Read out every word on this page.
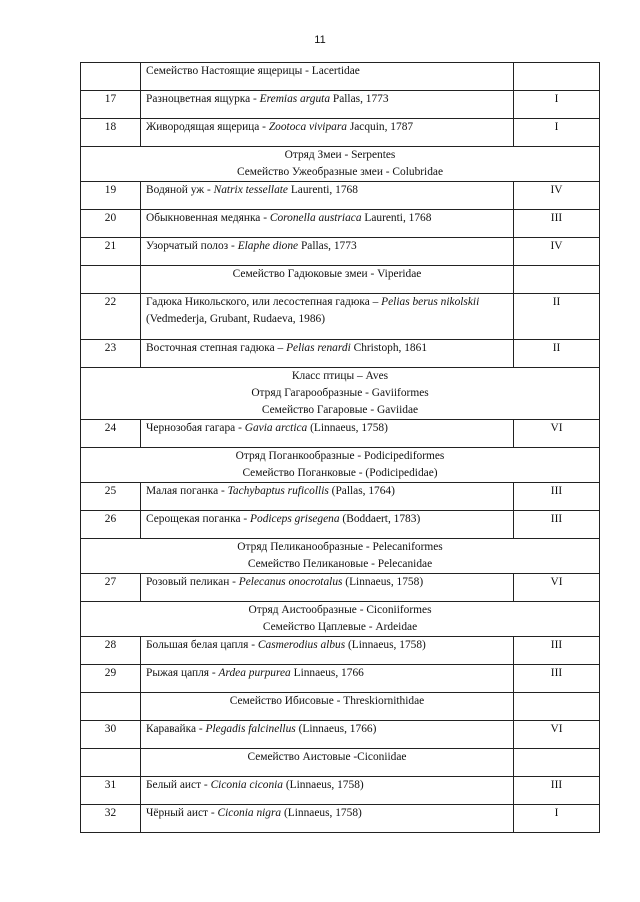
11
	Семейство Настоящие ящерицы - Lacertidae	
17	Разноцветная ящурка - Eremias arguta Pallas, 1773	I
18	Живородящая ящерица - Zootoca vivipara Jacquin, 1787	I

Отряд Змеи - Serpentes
Семейство Ужеобразные змеи - Colubridae		

19	Водяной уж - Natrix tessellate Laurenti, 1768	IV
20	Обыкновенная медянка - Coronella austriaca Laurenti, 1768	III
21	Узорчатый полоз - Elaphe dione Pallas, 1773	IV
	Семейство Гадюковые змеи - Viperidae	
22	Гадюка Никольского, или лесостепная гадюка – Pelias berus nikolskii (Vedmederja, Grubant, Rudaeva, 1986)	II
23	Восточная степная гадюка – Pelias renardi Christoph, 1861	II

Класс птицы – Aves
Отряд Гагарообразные - Gaviiformes
Семейство Гагаровые - Gaviidae		

24	Чернозобая гагара - Gavia arctica (Linnaeus, 1758)	VI

Отряд Поганкообразные - Podicipediformes
Семейство Поганковые - (Podicipedidae)		

25	Малая поганка - Tachybaptus ruficollis (Pallas, 1764)	III
26	Серощекая поганка - Podiceps grisegena (Boddaert, 1783)	III

Отряд Пеликанообразные - Pelecaniformes
Семейство Пеликановые - Pelecanidae		

27	Розовый пеликан - Pelecanus onocrotalus (Linnaeus, 1758)	VI

Отряд Аистообразные - Ciconiiformes
Семейство Цаплевые - Ardeidae		

28	Большая белая цапля - Casmerodius albus (Linnaeus, 1758)	III
29	Рыжая цапля - Ardea purpurea Linnaeus, 1766	III
	Семейство Ибисовые - Threskiornithidae	
30	Каравайка - Plegadis falcinellus (Linnaeus, 1766)	VI
	Семейство Аистовые -Ciconiidae	
31	Белый аист - Ciconia ciconia (Linnaeus, 1758)	III
32	Чёрный аист - Ciconia nigra (Linnaeus, 1758)	I
